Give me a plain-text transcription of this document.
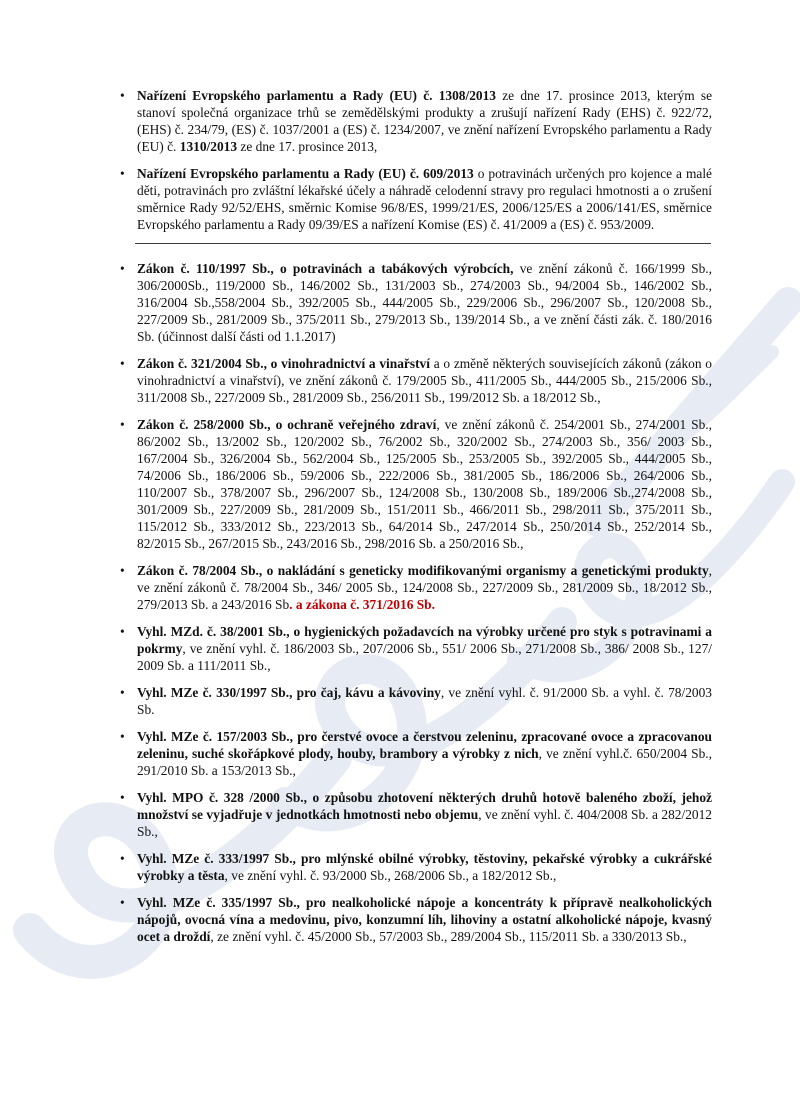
• Nařízení Evropského parlamentu a Rady (EU) č. 1308/2013 ze dne 17. prosince 2013, kterým se stanoví společná organizace trhů se zemědělskými produkty a zrušují nařízení Rady (EHS) č. 922/72, (EHS) č. 234/79, (ES) č. 1037/2001 a (ES) č. 1234/2007, ve znění nařízení Evropského parlamentu a Rady (EU) č. 1310/2013 ze dne 17. prosince 2013,
• Nařízení Evropského parlamentu a Rady (EU) č. 609/2013 o potravinách určených pro kojence a malé děti, potravinách pro zvláštní lékařské účely a náhradě celodenní stravy pro regulaci hmotnosti a o zrušení směrnice Rady 92/52/EHS, směrnic Komise 96/8/ES, 1999/21/ES, 2006/125/ES a 2006/141/ES, směrnice Evropského parlamentu a Rady 09/39/ES a nařízení Komise (ES) č. 41/2009 a (ES) č. 953/2009.
• Zákon č. 110/1997 Sb., o potravinách a tabákových výrobcích, ve znění zákonů č. 166/1999 Sb., 306/2000Sb., 119/2000 Sb., 146/2002 Sb., 131/2003 Sb., 274/2003 Sb., 94/2004 Sb., 146/2002 Sb., 316/2004 Sb.,558/2004 Sb., 392/2005 Sb., 444/2005 Sb., 229/2006 Sb., 296/2007 Sb., 120/2008 Sb., 227/2009 Sb., 281/2009 Sb., 375/2011 Sb., 279/2013 Sb., 139/2014 Sb., a ve znění části zák. č. 180/2016 Sb. (účinnost další části od 1.1.2017)
• Zákon č. 321/2004 Sb., o vinohradnictví a vinařství a o změně některých souvisejících zákonů (zákon o vinohradnictví a vinařství), ve znění zákonů č. 179/2005 Sb., 411/2005 Sb., 444/2005 Sb., 215/2006 Sb., 311/2008 Sb., 227/2009 Sb., 281/2009 Sb., 256/2011 Sb., 199/2012 Sb. a 18/2012 Sb.,
• Zákon č. 258/2000 Sb., o ochraně veřejného zdraví, ve znění zákonů č. 254/2001 Sb., 274/2001 Sb., 86/2002 Sb., 13/2002 Sb., 120/2002 Sb., 76/2002 Sb., 320/2002 Sb., 274/2003 Sb., 356/ 2003 Sb., 167/2004 Sb., 326/2004 Sb., 562/2004 Sb., 125/2005 Sb., 253/2005 Sb., 392/2005 Sb., 444/2005 Sb., 74/2006 Sb., 186/2006 Sb., 59/2006 Sb., 222/2006 Sb., 381/2005 Sb., 186/2006 Sb., 264/2006 Sb., 110/2007 Sb., 378/2007 Sb., 296/2007 Sb., 124/2008 Sb., 130/2008 Sb., 189/2006 Sb.,274/2008 Sb., 301/2009 Sb., 227/2009 Sb., 281/2009 Sb., 151/2011 Sb., 466/2011 Sb., 298/2011 Sb., 375/2011 Sb., 115/2012 Sb., 333/2012 Sb., 223/2013 Sb., 64/2014 Sb., 247/2014 Sb., 250/2014 Sb., 252/2014 Sb., 82/2015 Sb., 267/2015 Sb., 243/2016 Sb., 298/2016 Sb. a 250/2016 Sb.,
• Zákon č. 78/2004 Sb., o nakládání s geneticky modifikovanými organismy a genetickými produkty, ve znění zákonů č. 78/2004 Sb., 346/ 2005 Sb., 124/2008 Sb., 227/2009 Sb., 281/2009 Sb., 18/2012 Sb., 279/2013 Sb. a 243/2016 Sb. a zákona č. 371/2016 Sb.
• Vyhl. MZd. č. 38/2001 Sb., o hygienických požadavcích na výrobky určené pro styk s potravinami a pokrmy, ve znění vyhl. č. 186/2003 Sb., 207/2006 Sb., 551/ 2006 Sb., 271/2008 Sb., 386/ 2008 Sb., 127/ 2009 Sb. a 111/2011 Sb.,
• Vyhl. MZe č. 330/1997 Sb., pro čaj, kávu a kávoviny, ve znění vyhl. č. 91/2000 Sb. a vyhl. č. 78/2003 Sb.
• Vyhl. MZe č. 157/2003 Sb., pro čerstvé ovoce a čerstvou zeleninu, zpracované ovoce a zpracovanou zeleninu, suché skořápkové plody, houby, brambory a výrobky z nich, ve znění vyhl.č. 650/2004 Sb., 291/2010 Sb. a 153/2013 Sb.,
• Vyhl. MPO č. 328 /2000 Sb., o způsobu zhotovení některých druhů hotově baleného zboží, jehož množství se vyjadřuje v jednotkách hmotnosti nebo objemu, ve znění vyhl. č. 404/2008 Sb. a 282/2012 Sb.,
• Vyhl. MZe č. 333/1997 Sb., pro mlýnské obilné výrobky, těstoviny, pekařské výrobky a cukrářské výrobky a těsta, ve znění vyhl. č. 93/2000 Sb., 268/2006 Sb., a 182/2012 Sb.,
• Vyhl. MZe č. 335/1997 Sb., pro nealkoholické nápoje a koncentráty k přípravě nealkoholických nápojů, ovocná vína a medovinu, pivo, konzumní líh, lihoviny a ostatní alkoholické nápoje, kvasný ocet a droždí, ze znění vyhl. č. 45/2000 Sb., 57/2003 Sb., 289/2004 Sb., 115/2011 Sb. a 330/2013 Sb.,
